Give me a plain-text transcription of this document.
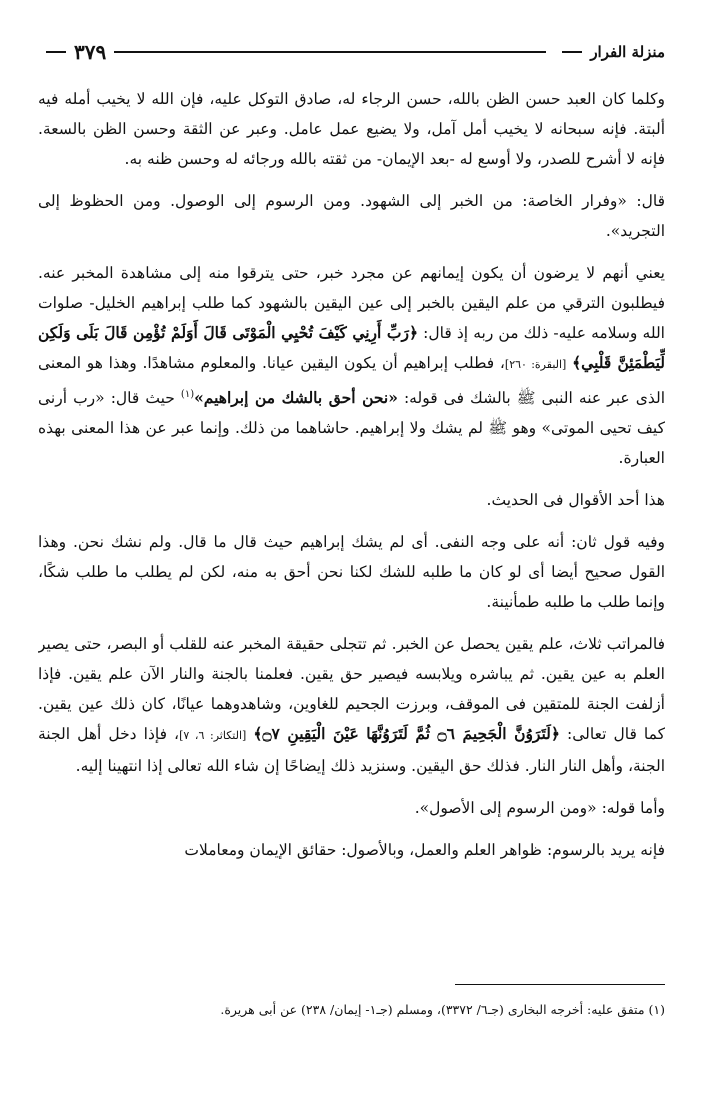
منزلة الفرار
٣٧٩

وكلما كان العبد حسن الظن بالله، حسن الرجاء له، صادق التوكل عليه، فإن الله لا يخيب أمله فيه ألبتة. فإنه سبحانه لا يخيب أمل آمل، ولا يضيع عمل عامل. وعبر عن الثقة وحسن الظن بالسعة. فإنه لا أشرح للصدر، ولا أوسع له -بعد الإيمان- من ثقته بالله ورجائه له وحسن ظنه به.

قال: «وفرار الخاصة: من الخبر إلى الشهود. ومن الرسوم إلى الوصول. ومن الحظوظ إلى التجريد».

يعني أنهم لا يرضون أن يكون إيمانهم عن مجرد خبر، حتى يترقوا منه إلى مشاهدة المخبر عنه. فيطلبون الترقي من علم اليقين بالخبر إلى عين اليقين بالشهود كما طلب إبراهيم الخليل- صلوات الله وسلامه عليه- ذلك من ربه إذ قال: ﴿رَبِّ أَرِنِي كَيْفَ تُحْيِي الْمَوْتَى قَالَ أَوَلَمْ تُؤْمِن قَالَ بَلَى وَلَكِن لِّيَطْمَئِنَّ قَلْبِي﴾ [البقرة: ٢٦٠]، فطلب إبراهيم أن يكون اليقين عيانا. والمعلوم مشاهدًا. وهذا هو المعنى الذى عبر عنه النبى ﷺ بالشك فى قوله: «نحن أحق بالشك من إبراهيم»$^{(١)}$ حيث قال: «رب أرنى كيف تحيى الموتى» وهو ﷺ لم يشك ولا إبراهيم. حاشاهما من ذلك. وإنما عبر عن هذا المعنى بهذه العبارة.

هذا أحد الأقوال فى الحديث.

وفيه قول ثان: أنه على وجه النفى. أى لم يشك إبراهيم حيث قال ما قال. ولم نشك نحن. وهذا القول صحيح أيضا أى لو كان ما طلبه للشك لكنا نحن أحق به منه، لكن لم يطلب ما طلب شكًا، وإنما طلب ما طلبه طمأنينة.

فالمراتب ثلاث، علم يقين يحصل عن الخبر. ثم تتجلى حقيقة المخبر عنه للقلب أو البصر، حتى يصير العلم به عين يقين. ثم يباشره ويلابسه فيصير حق يقين. فعلمنا بالجنة والنار الآن علم يقين. فإذا أزلفت الجنة للمتقين فى الموقف، وبرزت الجحيم للغاوين، وشاهدوهما عيانًا، كان ذلك عين يقين. كما قال تعالى: ﴿لَتَرَوُنَّ الْجَحِيمَ ۝٦ ثُمَّ لَتَرَوُنَّهَا عَيْنَ الْيَقِينِ ۝٧﴾ [التكاثر: ٦، ٧]، فإذا دخل أهل الجنة الجنة، وأهل النار النار. فذلك حق اليقين. وسنزيد ذلك إيضاحًا إن شاء الله تعالى إذا انتهينا إليه.

وأما قوله: «ومن الرسوم إلى الأصول».

فإنه يريد بالرسوم: ظواهر العلم والعمل، وبالأصول: حقائق الإيمان ومعاملات

(١) متفق عليه: أخرجه البخارى (جـ٦/ ٣٣٧٢)، ومسلم (جـ١- إيمان/ ٢٣٨) عن أبى هريرة.
